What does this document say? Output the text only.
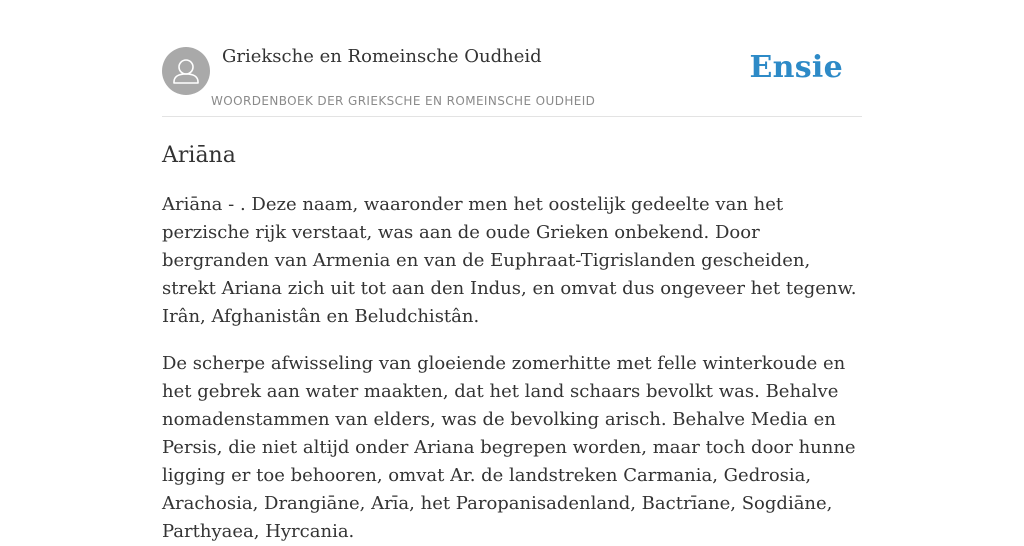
Grieksche en Romeinsche Oudheid
WOORDENBOEK DER GRIEKSCHE EN ROMEINSCHE OUDHEID
Ensie
Ariāna

Ariāna - . Deze naam, waaronder men het oostelijk gedeelte van het perzische rijk verstaat, was aan de oude Grieken onbekend. Door bergranden van Armenia en van de Euphraat-Tigrislanden gescheiden, strekt Ariana zich uit tot aan den Indus, en omvat dus ongeveer het tegenw. Irân, Afghanistân en Beludchistân.

De scherpe afwisseling van gloeiende zomerhitte met felle winterkoude en het gebrek aan water maakten, dat het land schaars bevolkt was. Behalve nomadenstammen van elders, was de bevolking arisch. Behalve Media en Persis, die niet altijd onder Ariana begrepen worden, maar toch door hunne ligging er toe behooren, omvat Ar. de landstreken Carmania, Gedrosia, Arachosia, Drangiāne, Arīa, het Paropanisadenland, Bactrīane, Sogdiāne, Parthyaea, Hyrcania.
